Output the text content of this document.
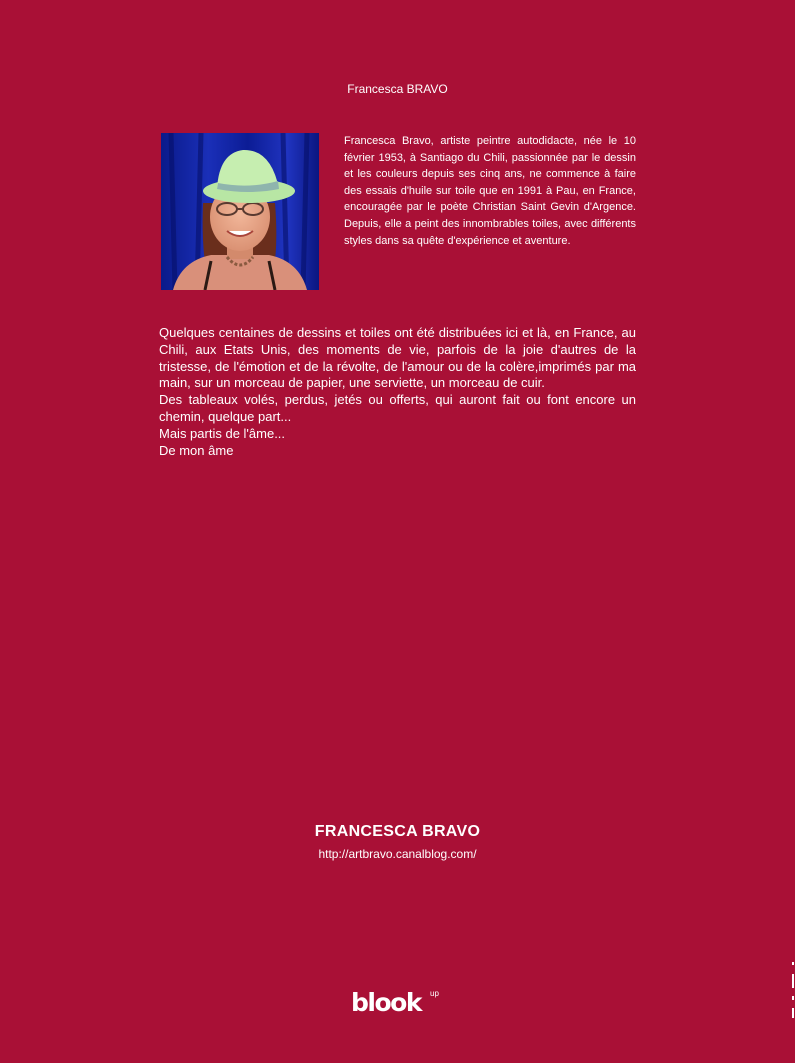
Francesca BRAVO
Francesca Bravo, artiste peintre autodidacte, née le 10 février 1953, à Santiago du Chili, passionnée par le dessin et les couleurs depuis ses cinq ans, ne commence à faire des essais d'huile sur toile que en 1991 à Pau, en France, encouragée par le poète Christian Saint Gevin d'Argence. Depuis, elle a peint des innombrables toiles, avec différents styles dans sa quête d'expérience et aventure.

Quelques centaines de dessins et toiles ont été distribuées ici et là, en France, au Chili, aux Etats Unis, des moments de vie, parfois de la joie d'autres de la tristesse, de l'émotion et de la révolte, de l'amour ou de la colère,imprimés par ma main, sur un morceau de papier, une serviette, un morceau de cuir.

Des tableaux volés, perdus, jetés ou offerts, qui auront fait ou font encore un chemin, quelque part...

Mais partis de l'âme...

De mon âme

FRANCESCA BRAVO
http://artbravo.canalblog.com/
blook up
